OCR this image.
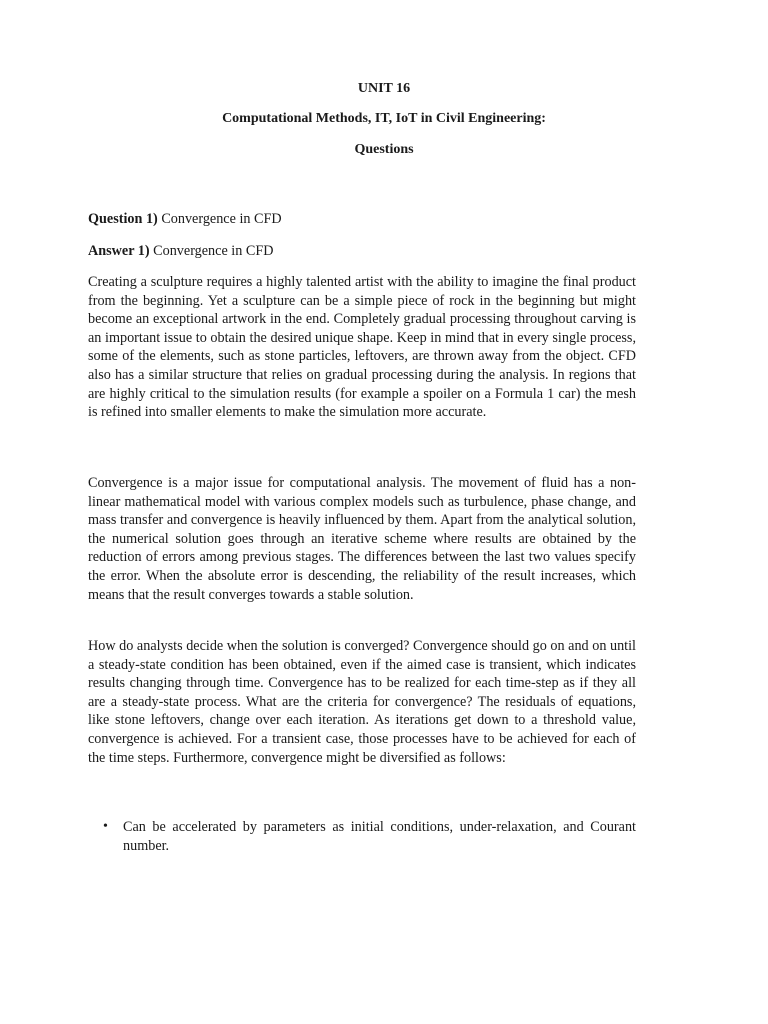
UNIT 16
Computational Methods, IT, IoT in Civil Engineering:
Questions
Question 1) Convergence in CFD
Answer 1) Convergence in CFD

Creating a sculpture requires a highly talented artist with the ability to imagine the final product from the beginning. Yet a sculpture can be a simple piece of rock in the beginning but might become an exceptional artwork in the end. Completely gradual processing throughout carving is an important issue to obtain the desired unique shape. Keep in mind that in every single process, some of the elements, such as stone particles, leftovers, are thrown away from the object. CFD also has a similar structure that relies on gradual processing during the analysis. In regions that are highly critical to the simulation results (for example a spoiler on a Formula 1 car) the mesh is refined into smaller elements to make the simulation more accurate.

Convergence is a major issue for computational analysis. The movement of fluid has a non-linear mathematical model with various complex models such as turbulence, phase change, and mass transfer and convergence is heavily influenced by them. Apart from the analytical solution, the numerical solution goes through an iterative scheme where results are obtained by the reduction of errors among previous stages. The differences between the last two values specify the error. When the absolute error is descending, the reliability of the result increases, which means that the result converges towards a stable solution.

How do analysts decide when the solution is converged? Convergence should go on and on until a steady-state condition has been obtained, even if the aimed case is transient, which indicates results changing through time. Convergence has to be realized for each time-step as if they all are a steady-state process. What are the criteria for convergence? The residuals of equations, like stone leftovers, change over each iteration. As iterations get down to a threshold value, convergence is achieved. For a transient case, those processes have to be achieved for each of the time steps. Furthermore, convergence might be diversified as follows:

• Can be accelerated by parameters as initial conditions, under-relaxation, and Courant number.
